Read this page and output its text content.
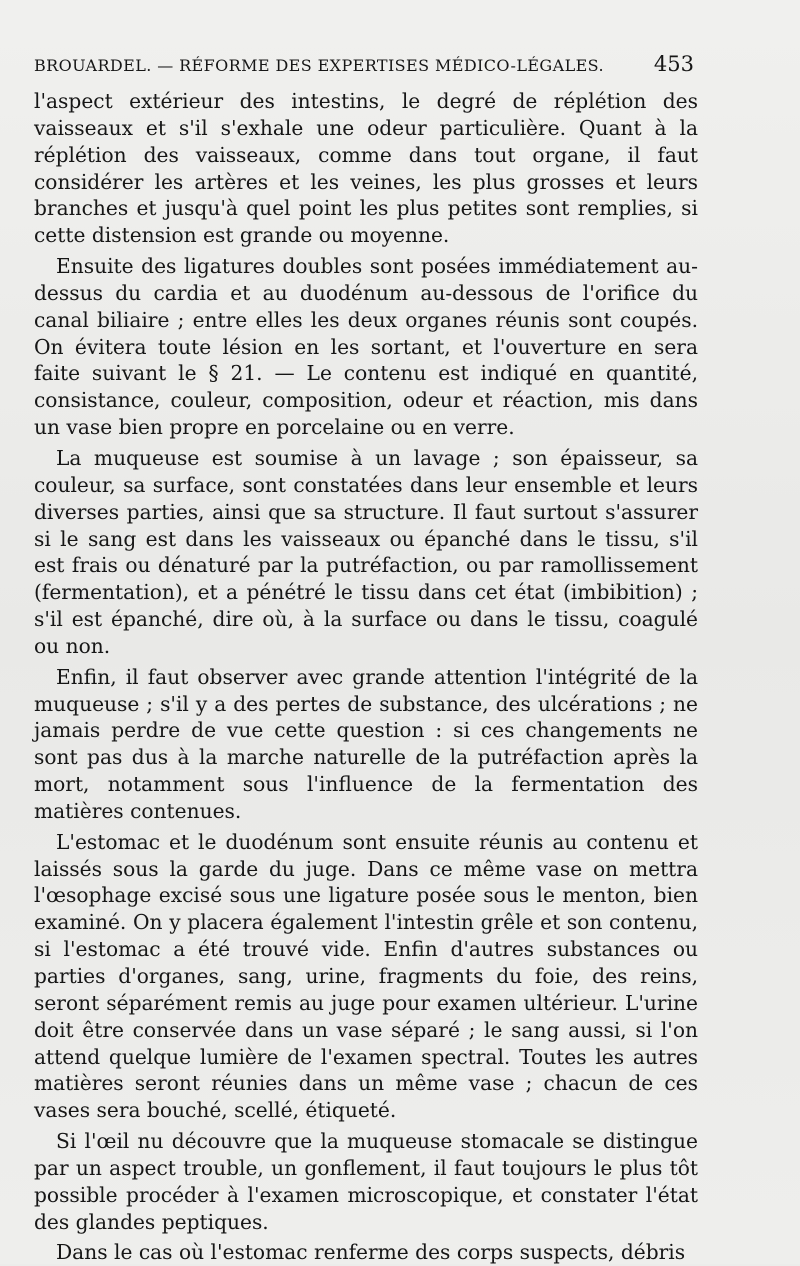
BROUARDEL. — RÉFORME DES EXPERTISES MÉDICO-LÉGALES. 453

l'aspect extérieur des intestins, le degré de réplétion des vaisseaux et s'il s'exhale une odeur particulière. Quant à la réplétion des vaisseaux, comme dans tout organe, il faut considérer les artères et les veines, les plus grosses et leurs branches et jusqu'à quel point les plus petites sont remplies, si cette distension est grande ou moyenne.

Ensuite des ligatures doubles sont posées immédiatement au-dessus du cardia et au duodénum au-dessous de l'orifice du canal biliaire ; entre elles les deux organes réunis sont coupés. On évitera toute lésion en les sortant, et l'ouverture en sera faite suivant le § 21. — Le contenu est indiqué en quantité, consistance, couleur, composition, odeur et réaction, mis dans un vase bien propre en porcelaine ou en verre.

La muqueuse est soumise à un lavage ; son épaisseur, sa couleur, sa surface, sont constatées dans leur ensemble et leurs diverses parties, ainsi que sa structure. Il faut surtout s'assurer si le sang est dans les vaisseaux ou épanché dans le tissu, s'il est frais ou dénaturé par la putréfaction, ou par ramollissement (fermentation), et a pénétré le tissu dans cet état (imbibition) ; s'il est épanché, dire où, à la surface ou dans le tissu, coagulé ou non.

Enfin, il faut observer avec grande attention l'intégrité de la muqueuse ; s'il y a des pertes de substance, des ulcérations ; ne jamais perdre de vue cette question : si ces changements ne sont pas dus à la marche naturelle de la putréfaction après la mort, notamment sous l'influence de la fermentation des matières contenues.

L'estomac et le duodénum sont ensuite réunis au contenu et laissés sous la garde du juge. Dans ce même vase on mettra l'œsophage excisé sous une ligature posée sous le menton, bien examiné. On y placera également l'intestin grêle et son contenu, si l'estomac a été trouvé vide. Enfin d'autres substances ou parties d'organes, sang, urine, fragments du foie, des reins, seront séparément remis au juge pour examen ultérieur. L'urine doit être conservée dans un vase séparé ; le sang aussi, si l'on attend quelque lumière de l'examen spectral. Toutes les autres matières seront réunies dans un même vase ; chacun de ces vases sera bouché, scellé, étiqueté.

Si l'œil nu découvre que la muqueuse stomacale se distingue par un aspect trouble, un gonflement, il faut toujours le plus tôt possible procéder à l'examen microscopique, et constater l'état des glandes peptiques.

Dans le cas où l'estomac renferme des corps suspects, débris
